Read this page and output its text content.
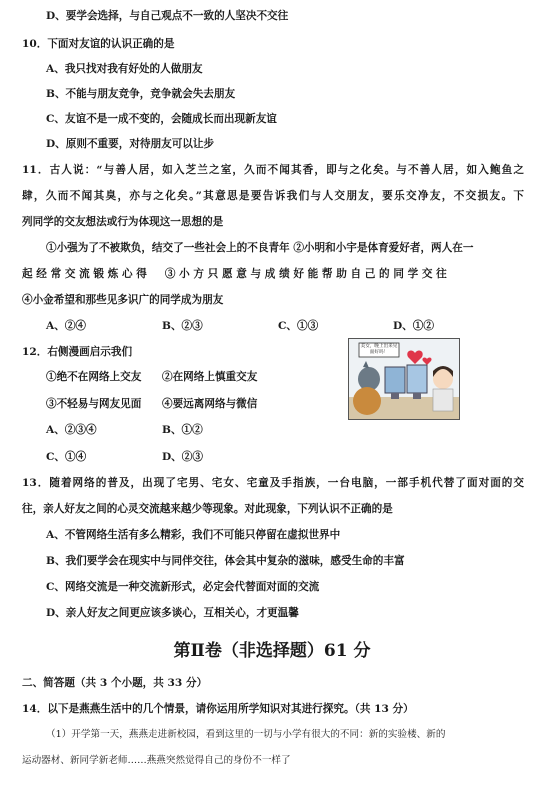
D、要学会选择，与自己观点不一致的人坚决不交往
10．下面对友谊的认识正确的是
A、我只找对我有好处的人做朋友
B、不能与朋友竞争，竞争就会失去朋友
C、友谊不是一成不变的，会随成长而出现新友谊
D、原则不重要，对待朋友可以让步
11．古人说：“与善人居，如入芝兰之室，久而不闻其香，即与之化矣。与不善人居，如入鲍鱼之
肆，久而不闻其臭，亦与之化矣。”其意思是要告诉我们与人交朋友，要乐交净友，不交损友。下
列同学的交友想法或行为体现这一思想的是
①小强为了不被欺负，结交了一些社会上的不良青年 ②小明和小宇是体育爱好者，两人在一
起 经 常 交 流 锻 炼 心 得 　 ③ 小 方 只 愿 意 与 成 绩 好 能 帮 助 自 己 的 同 学 交 往
④小金希望和那些见多识广的同学成为朋友
A、②④	B、②③	C、①③	D、①②
12．右侧漫画启示我们
①绝不在网络上交友 ②在网络上慎重交友
③不轻易与网友见面 ④要远离网络与微信
A、②③④	B、①②
C、①④	D、②③
美女，晚上出来见面好吗！
13．随着网络的普及，出现了宅男、宅女、宅童及手指族，一台电脑，一部手机代替了面对面的交
往，亲人好友之间的心灵交流越来越少等现象。对此现象，下列认识不正确的是
A、不管网络生活有多么精彩，我们不可能只停留在虚拟世界中
B、我们要学会在现实中与同伴交往，体会其中复杂的滋味，感受生命的丰富
C、网络交流是一种交流新形式，必定会代替面对面的交流
D、亲人好友之间更应该多谈心，互相关心，才更温馨
第Ⅱ卷（非选择题）61 分
二、简答题（共 3 个小题，共 33 分）
14．以下是燕燕生活中的几个情景，请你运用所学知识对其进行探究。（共 13 分）
（1）开学第一天，燕燕走进新校园，看到这里的一切与小学有很大的不同：新的实验楼、新的
运动器材、新同学新老师……燕燕突然觉得自己的身份不一样了
